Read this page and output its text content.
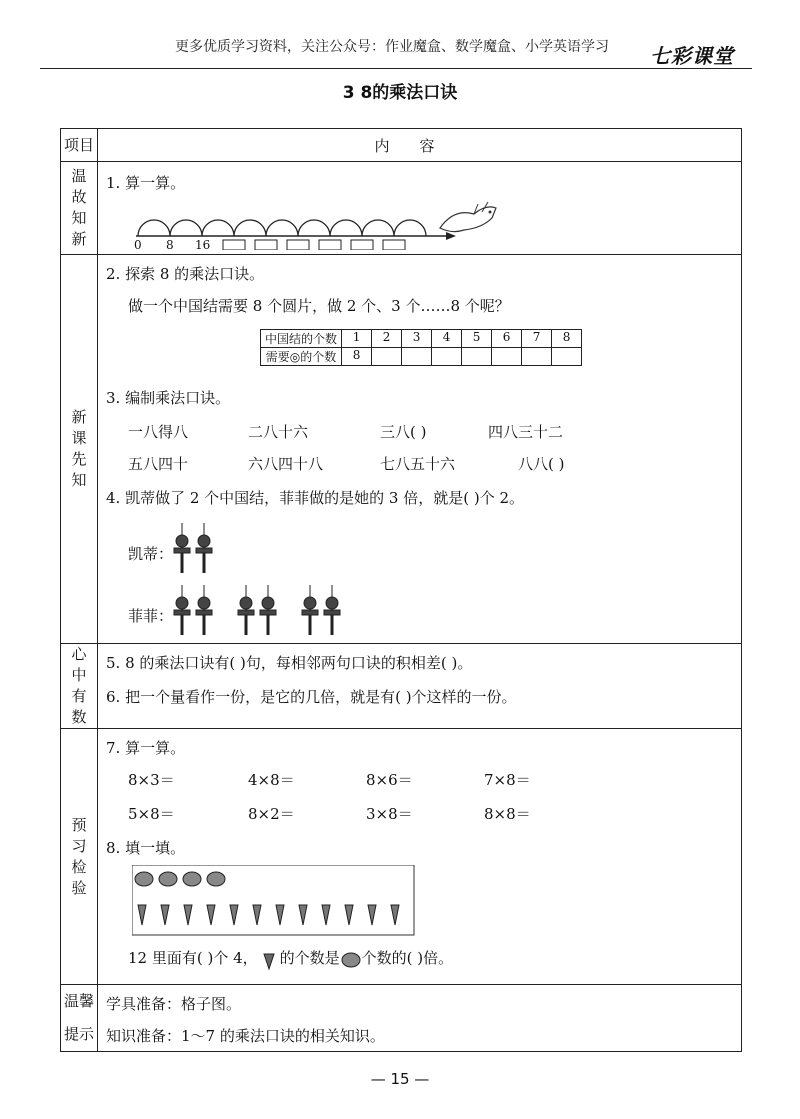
更多优质学习资料，关注公众号：作业魔盒、数学魔盒、小学英语学习 七彩课堂
3 8的乘法口诀
项目	内容

温
故
知
新

1. 算一算。
0 8 16

新
课
先
知

2. 探索 8 的乘法口诀。
做一个中国结需要 8 个圆片，做 2 个、3 个……8 个呢？
中国结的个数	1	2	3	4	5	6	7	8
需要◎的个数	8							
3. 编制乘法口诀。
一八得八	二八十六	三八( )	四八三十二
五八四十	六八四十八	七八五十六	八八( )
4. 凯蒂做了 2 个中国结，菲菲做的是她的 3 倍，就是( )个 2。
凯蒂：
菲菲：

心
中
有
数

5. 8 的乘法口诀有( )句，每相邻两句口诀的积相差( )。
6. 把一个量看作一份，是它的几倍，就是有( )个这样的一份。

预
习
检
验

7. 算一算。
8×3＝	4×8＝	8×6＝	7×8＝
5×8＝	8×2＝	3×8＝	8×8＝
8. 填一填。
12 里面有( )个 4， 的个数是 个数的( )倍。

温馨
提示

学具准备：格子图。
知识准备：1～7 的乘法口诀的相关知识。
— 15 —
